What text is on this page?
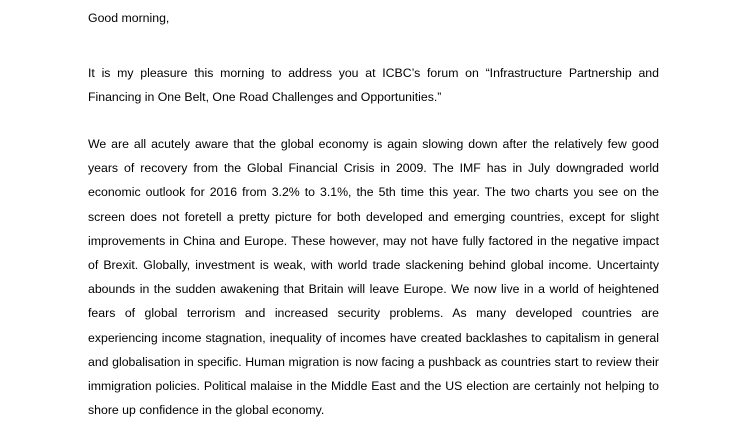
Good morning,

It is my pleasure this morning to address you at ICBC’s forum on “Infrastructure Partnership and Financing in One Belt, One Road Challenges and Opportunities.”

We are all acutely aware that the global economy is again slowing down after the relatively few good years of recovery from the Global Financial Crisis in 2009. The IMF has in July downgraded world economic outlook for 2016 from 3.2% to 3.1%, the 5th time this year. The two charts you see on the screen does not foretell a pretty picture for both developed and emerging countries, except for slight improvements in China and Europe. These however, may not have fully factored in the negative impact of Brexit. Globally, investment is weak, with world trade slackening behind global income. Uncertainty abounds in the sudden awakening that Britain will leave Europe. We now live in a world of heightened fears of global terrorism and increased security problems. As many developed countries are experiencing income stagnation, inequality of incomes have created backlashes to capitalism in general and globalisation in specific. Human migration is now facing a pushback as countries start to review their immigration policies. Political malaise in the Middle East and the US election are certainly not helping to shore up confidence in the global economy.
